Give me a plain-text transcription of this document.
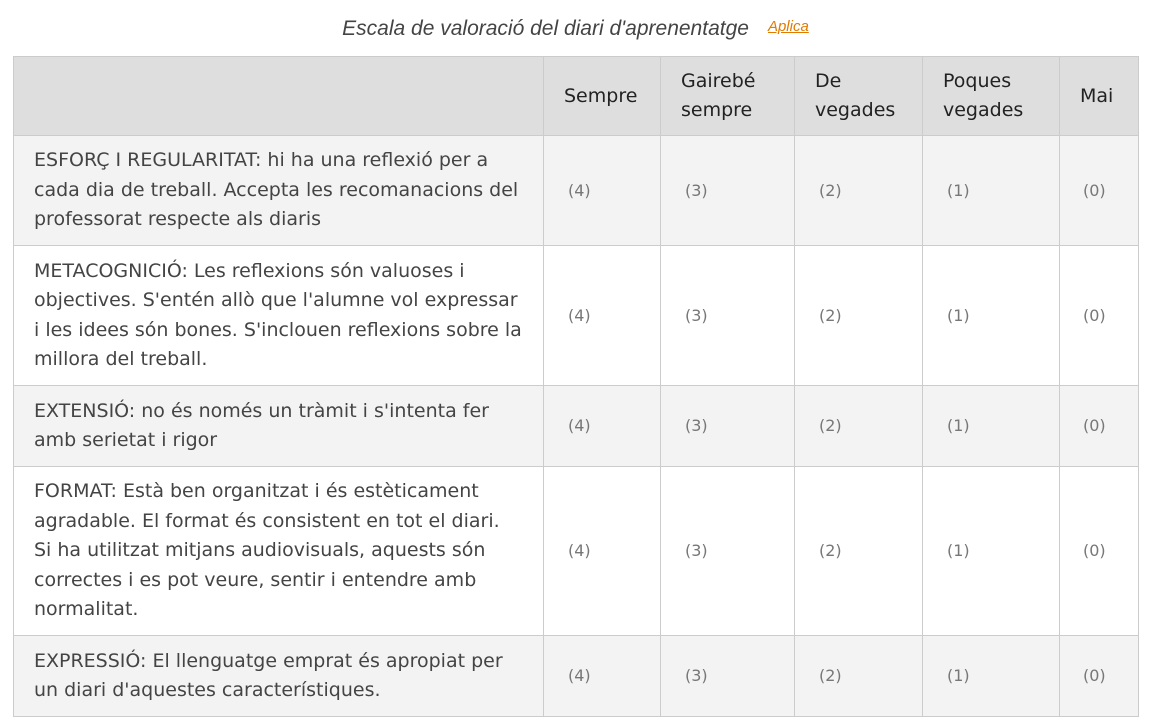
Escala de valoració del diari d'aprenentatge Aplica
	Sempre	Gairebé sempre	De vegades	Poques vegades	Mai
ESFORÇ I REGULARITAT: hi ha una reflexió per a cada dia de treball. Accepta les recomanacions del professorat respecte als diaris	(4)	(3)	(2)	(1)	(0)
METACOGNICIÓ: Les reflexions són valuoses i objectives. S'entén allò que l'alumne vol expressar i les idees són bones. S'inclouen reflexions sobre la millora del treball.	(4)	(3)	(2)	(1)	(0)
EXTENSIÓ: no és només un tràmit i s'intenta fer amb serietat i rigor	(4)	(3)	(2)	(1)	(0)
FORMAT: Està ben organitzat i és estèticament agradable. El format és consistent en tot el diari. Si ha utilitzat mitjans audiovisuals, aquests són correctes i es pot veure, sentir i entendre amb normalitat.	(4)	(3)	(2)	(1)	(0)
EXPRESSIÓ: El llenguatge emprat és apropiat per un diari d'aquestes característiques.	(4)	(3)	(2)	(1)	(0)
